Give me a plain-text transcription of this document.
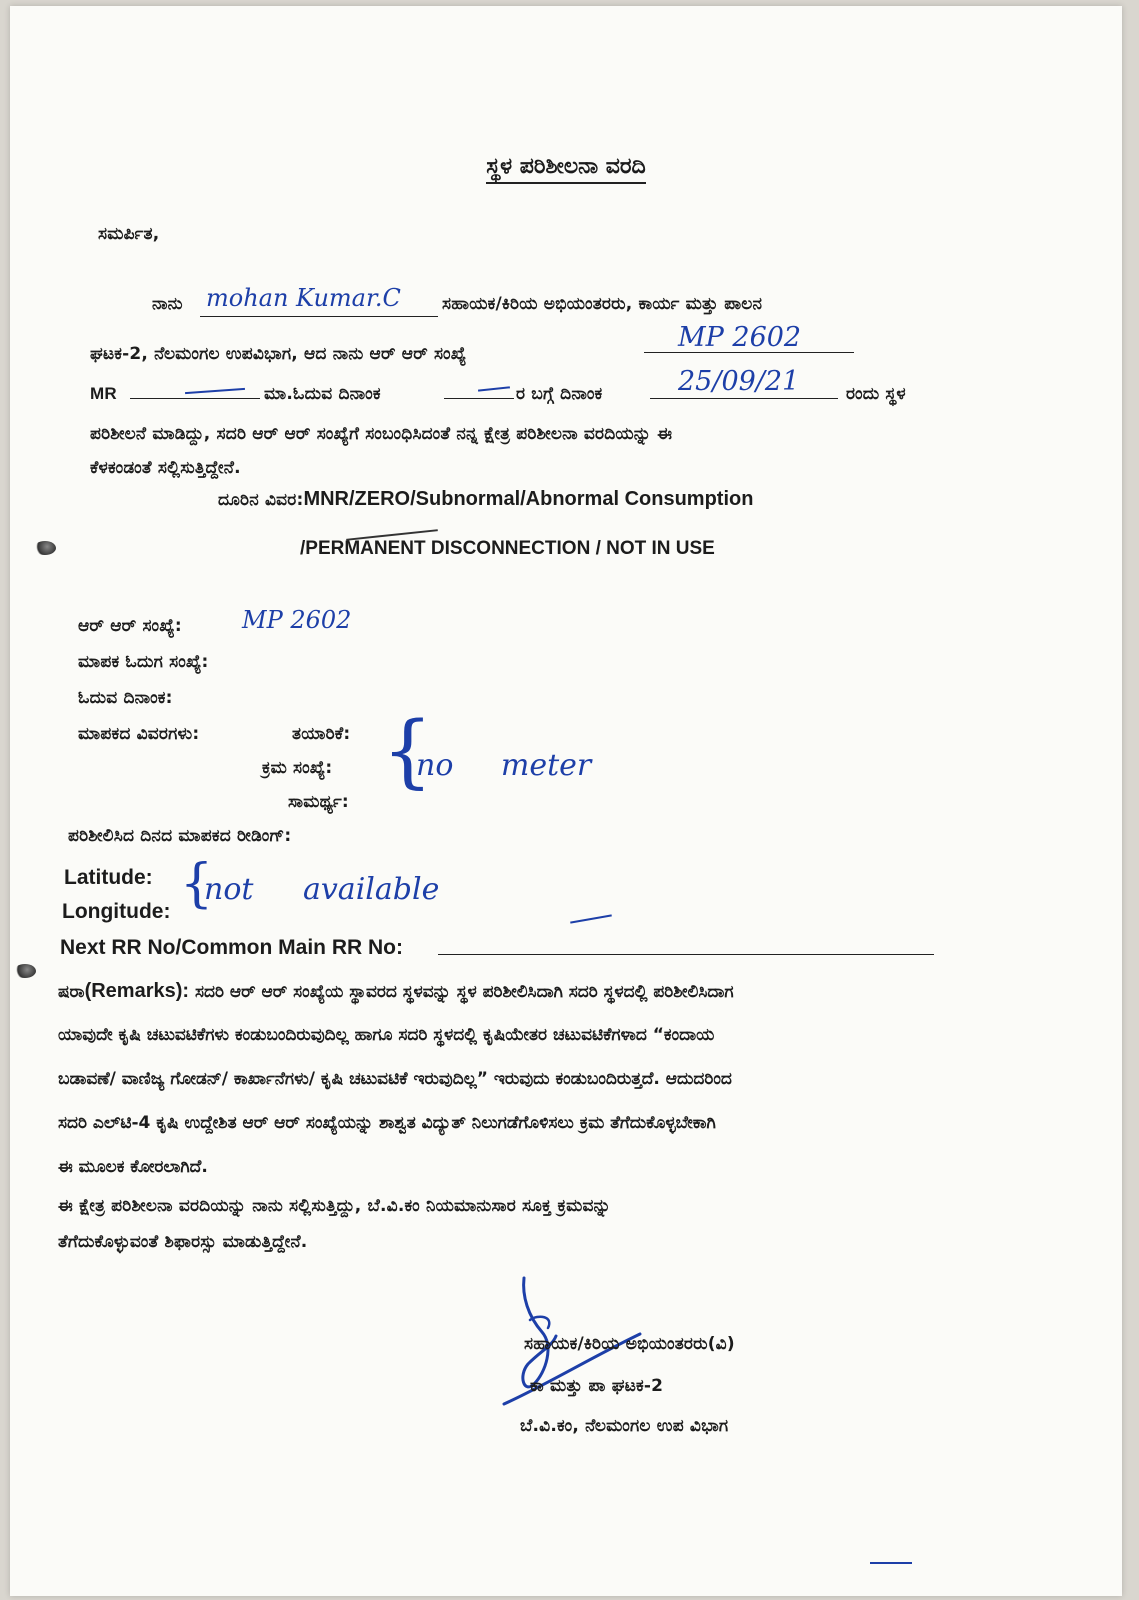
ಸ್ಥಳ ಪರಿಶೀಲನಾ ವರದಿ
ಸಮರ್ಪಿತ,
ನಾನು mohan Kumar.C ಸಹಾಯಕ/ಕಿರಿಯ ಅಭಿಯಂತರರು, ಕಾರ್ಯ ಮತ್ತು ಪಾಲನ
ಘಟಕ-2, ನೆಲಮಂಗಲ ಉಪವಿಭಾಗ, ಆದ ನಾನು ಆರ್ ಆರ್ ಸಂಖ್ಯೆ
MP 2602
MR	ಮಾ.ಓದುವ ದಿನಾಂಕ	ರ ಬಗ್ಗೆ ದಿನಾಂಕ	25/09/21	ರಂದು ಸ್ಥಳ
ಪರಿಶೀಲನೆ ಮಾಡಿದ್ದು, ಸದರಿ ಆರ್ ಆರ್ ಸಂಖ್ಯೆಗೆ ಸಂಬಂಧಿಸಿದಂತೆ ನನ್ನ ಕ್ಷೇತ್ರ ಪರಿಶೀಲನಾ ವರದಿಯನ್ನು ಈ
ಕೆಳಕಂಡಂತೆ ಸಲ್ಲಿಸುತ್ತಿದ್ದೇನೆ.
ದೂರಿನ ವಿವರ:MNR/ZERO/Subnormal/Abnormal Consumption
/PERMANENT DISCONNECTION / NOT IN USE
ಆರ್ ಆರ್ ಸಂಖ್ಯೆ:	MP 2602
ಮಾಪಕ ಓದುಗ ಸಂಖ್ಯೆ:
ಓದುವ ದಿನಾಂಕ:
ಮಾಪಕದ ವಿವರಗಳು:	ತಯಾರಿಕೆ:
ಕ್ರಮ ಸಂಖ್ಯೆ:
ಸಾಮರ್ಥ್ಯ:
{
no meter
ಪರಿಶೀಲಿಸಿದ ದಿನದ ಮಾಪಕದ ರೀಡಿಂಗ್:
Latitude:
Longitude: {
not available
Next RR No/Common Main RR No:
ಷರಾ(Remarks): ಸದರಿ ಆರ್ ಆರ್ ಸಂಖ್ಯೆಯ ಸ್ಥಾವರದ ಸ್ಥಳವನ್ನು ಸ್ಥಳ ಪರಿಶೀಲಿಸಿದಾಗಿ ಸದರಿ ಸ್ಥಳದಲ್ಲಿ ಪರಿಶೀಲಿಸಿದಾಗ
ಯಾವುದೇ ಕೃಷಿ ಚಟುವಟಿಕೆಗಳು ಕಂಡುಬಂದಿರುವುದಿಲ್ಲ ಹಾಗೂ ಸದರಿ ಸ್ಥಳದಲ್ಲಿ ಕೃಷಿಯೇತರ ಚಟುವಟಿಕೆಗಳಾದ “ಕಂದಾಯ
ಬಡಾವಣೆ/ ವಾಣಿಜ್ಯ ಗೋಡನ್/ ಕಾರ್ಖಾನೆಗಳು/ ಕೃಷಿ ಚಟುವಟಿಕೆ ಇರುವುದಿಲ್ಲ” ಇರುವುದು ಕಂಡುಬಂದಿರುತ್ತದೆ. ಆದುದರಿಂದ
ಸದರಿ ಎಲ್‌ಟಿ-4 ಕೃಷಿ ಉದ್ದೇಶಿತ ಆರ್ ಆರ್ ಸಂಖ್ಯೆಯನ್ನು ಶಾಶ್ವತ ವಿದ್ಯುತ್ ನಿಲುಗಡೆಗೊಳಿಸಲು ಕ್ರಮ ತೆಗೆದುಕೊಳ್ಳಬೇಕಾಗಿ
ಈ ಮೂಲಕ ಕೋರಲಾಗಿದೆ.
ಈ ಕ್ಷೇತ್ರ ಪರಿಶೀಲನಾ ವರದಿಯನ್ನು ನಾನು ಸಲ್ಲಿಸುತ್ತಿದ್ದು, ಬೆ.ವಿ.ಕಂ ನಿಯಮಾನುಸಾರ ಸೂಕ್ತ ಕ್ರಮವನ್ನು
ತೆಗೆದುಕೊಳ್ಳುವಂತೆ ಶಿಫಾರಸ್ಸು ಮಾಡುತ್ತಿದ್ದೇನೆ.
ಸಹಾಯಕ/ಕಿರಿಯ ಅಭಿಯಂತರರು(ವಿ)
ಕಾ ಮತ್ತು ಪಾ ಘಟಕ-2
ಬೆ.ವಿ.ಕಂ, ನೆಲಮಂಗಲ ಉಪ ವಿಭಾಗ
